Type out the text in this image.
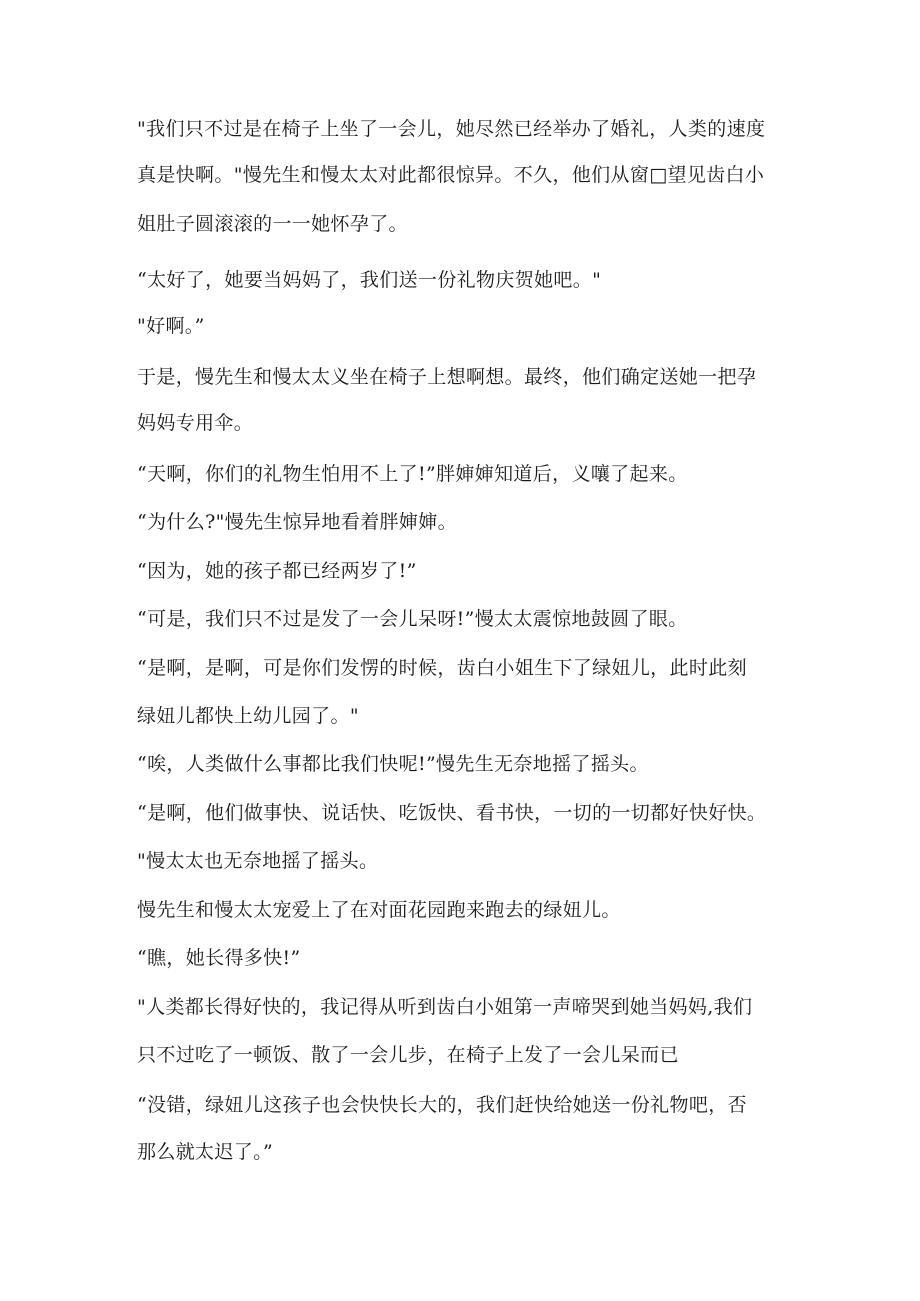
"我们只不过是在椅子上坐了一会儿，她尽然已经举办了婚礼，人类的速度
真是快啊。"慢先生和慢太太对此都很惊异。不久，他们从窗□望见齿白小
姐肚子圆滚滚的一一她怀孕了。
“太好了，她要当妈妈了，我们送一份礼物庆贺她吧。"
"好啊。”
于是，慢先生和慢太太义坐在椅子上想啊想。最终，他们确定送她一把孕
妈妈专用伞。
“天啊，你们的礼物生怕用不上了!”胖婶婶知道后，义嚷了起来。
“为什么?"慢先生惊异地看着胖婶婶。
“因为，她的孩子都已经两岁了!”
“可是，我们只不过是发了一会儿呆呀!”慢太太震惊地鼓圆了眼。
“是啊，是啊，可是你们发愣的时候，齿白小姐生下了绿妞儿，此时此刻
绿妞儿都快上幼儿园了。"
“唉，人类做什么事都比我们快呢!”慢先生无奈地摇了摇头。
“是啊，他们做事快、说话快、吃饭快、看书快，一切的一切都好快好快。
"慢太太也无奈地摇了摇头。
慢先生和慢太太宠爱上了在对面花园跑来跑去的绿妞儿。
“瞧，她长得多快!”
"人类都长得好快的，我记得从听到齿白小姐第一声啼哭到她当妈妈,我们
只不过吃了一顿饭、散了一会儿步，在椅子上发了一会儿呆而已
“没错，绿妞儿这孩子也会快快长大的，我们赶快给她送一份礼物吧，否
那么就太迟了。”
